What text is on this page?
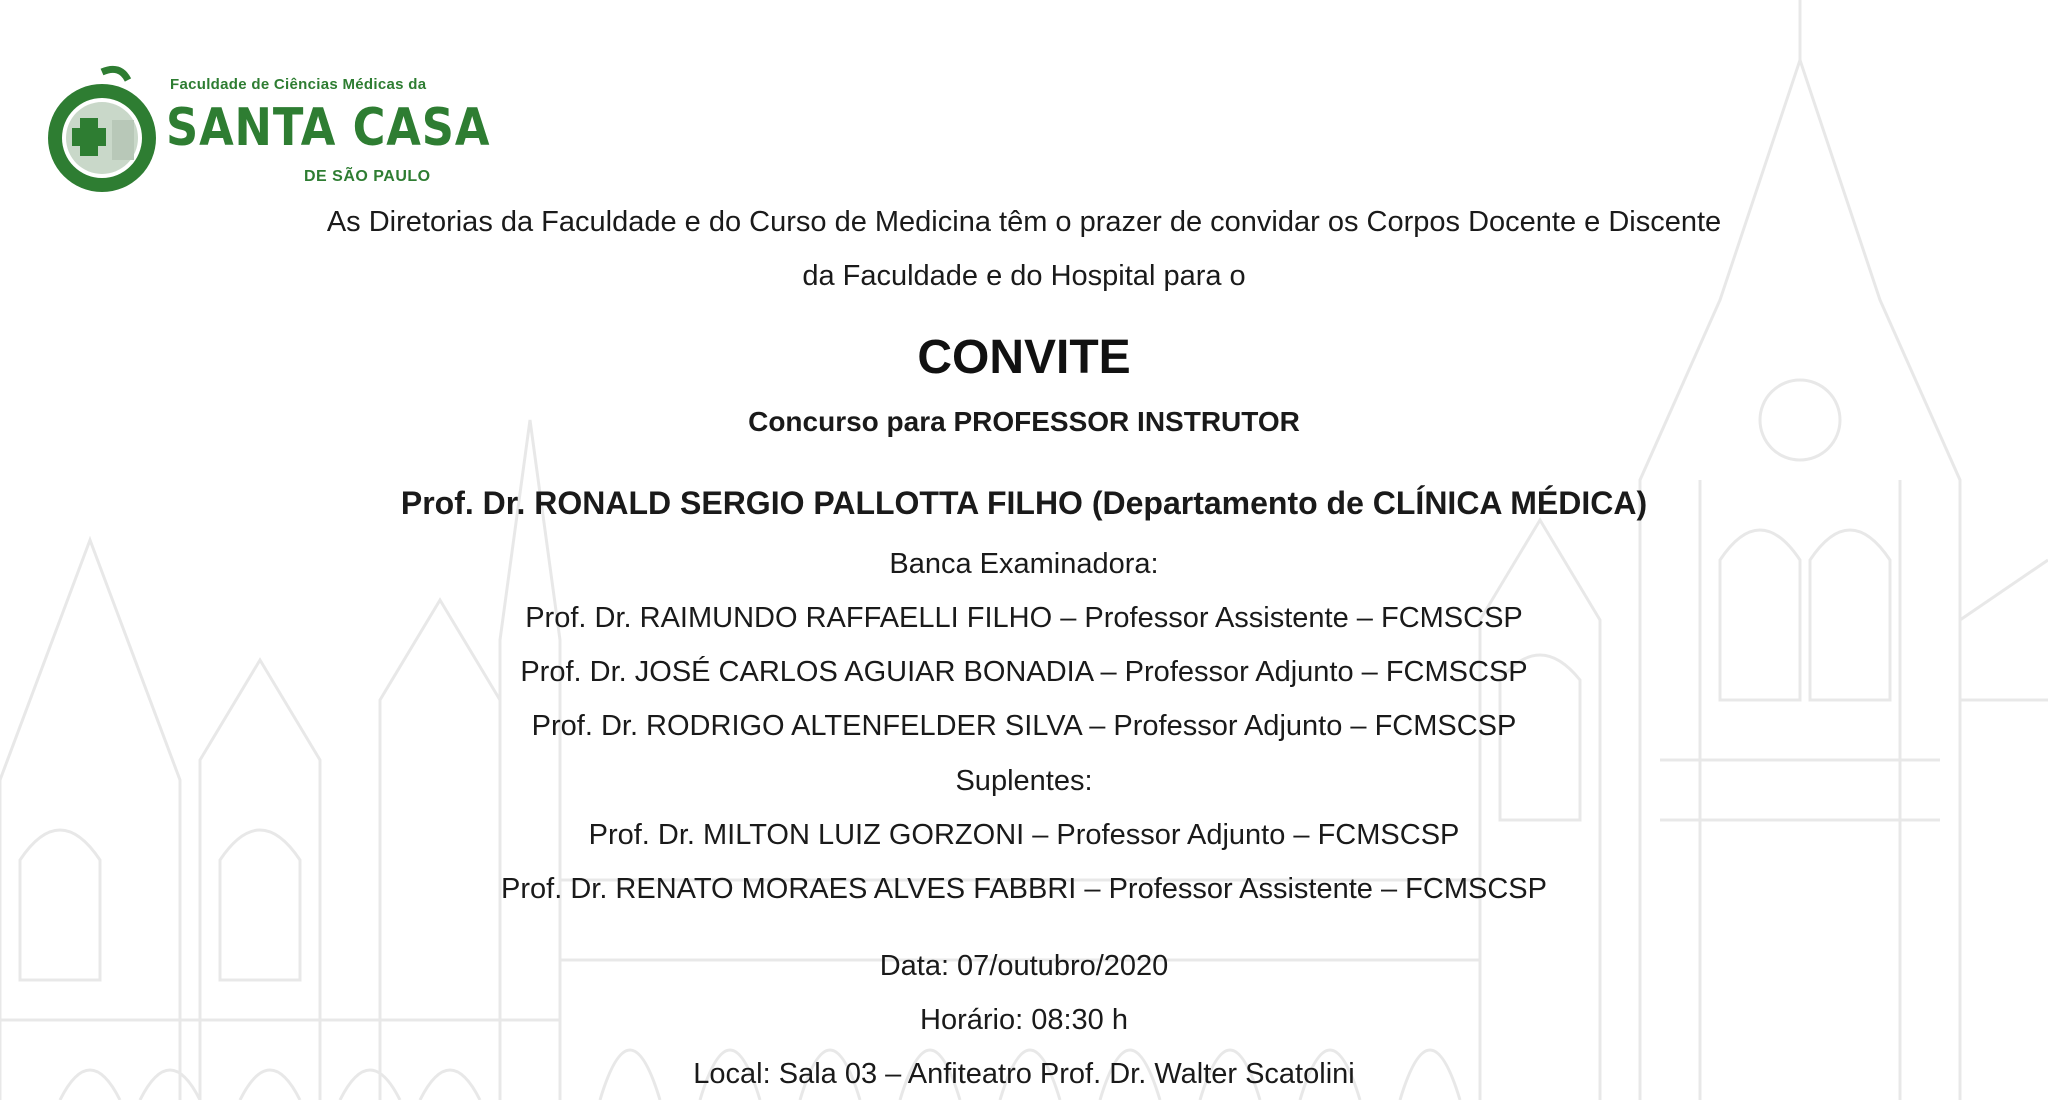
Faculdade de Ciências Médicas da
SANTA CASA
DE SÃO PAULO
As Diretorias da Faculdade e do Curso de Medicina têm o prazer de convidar os Corpos Docente e Discente
da Faculdade e do Hospital para o
CONVITE
Concurso para PROFESSOR INSTRUTOR
Prof. Dr. RONALD SERGIO PALLOTTA FILHO (Departamento de CLÍNICA MÉDICA)
Banca Examinadora:
Prof. Dr. RAIMUNDO RAFFAELLI FILHO – Professor Assistente – FCMSCSP
Prof. Dr. JOSÉ CARLOS AGUIAR BONADIA – Professor Adjunto – FCMSCSP
Prof. Dr. RODRIGO ALTENFELDER SILVA – Professor Adjunto – FCMSCSP
Suplentes:
Prof. Dr. MILTON LUIZ GORZONI – Professor Adjunto – FCMSCSP
Prof. Dr. RENATO MORAES ALVES FABBRI – Professor Assistente – FCMSCSP
Data: 07/outubro/2020
Horário: 08:30 h
Local: Sala 03 – Anfiteatro Prof. Dr. Walter Scatolini
